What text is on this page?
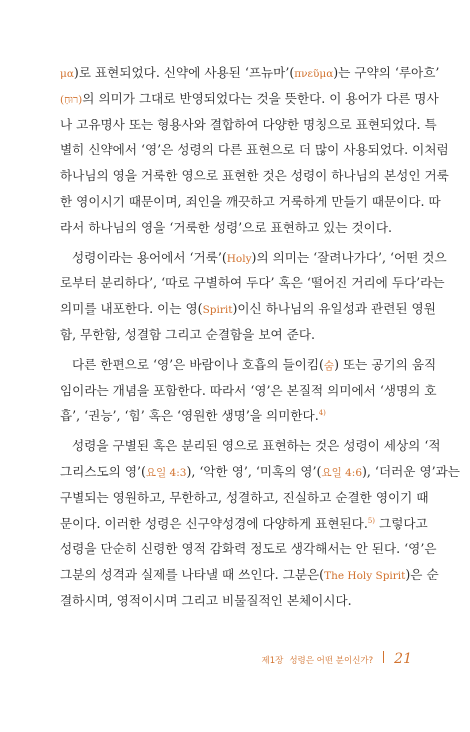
μα)로 표현되었다. 신약에 사용된 ‘프뉴마’(πνεῦμα)는 구약의 ‘루아흐’
(רוּחַ)의 의미가 그대로 반영되었다는 것을 뜻한다. 이 용어가 다른 명사
나 고유명사 또는 형용사와 결합하여 다양한 명칭으로 표현되었다. 특
별히 신약에서 ‘영’은 성령의 다른 표현으로 더 많이 사용되었다. 이처럼
하나님의 영을 거룩한 영으로 표현한 것은 성령이 하나님의 본성인 거룩
한 영이시기 때문이며, 죄인을 깨끗하고 거룩하게 만들기 때문이다. 따
라서 하나님의 영을 ‘거룩한 성령’으로 표현하고 있는 것이다.
성령이라는 용어에서 ‘거룩’(Holy)의 의미는 ‘잘려나가다’, ‘어떤 것으
로부터 분리하다’, ‘따로 구별하여 두다’ 혹은 ‘떨어진 거리에 두다’라는
의미를 내포한다. 이는 영(Spirit)이신 하나님의 유일성과 관련된 영원
함, 무한함, 성결함 그리고 순결함을 보여 준다.
다른 한편으로 ‘영’은 바람이나 호흡의 들이킴(숨) 또는 공기의 움직
임이라는 개념을 포함한다. 따라서 ‘영’은 본질적 의미에서 ‘생명의 호
흡’, ‘권능’, ‘힘’ 혹은 ‘영원한 생명’을 의미한다.$^{4)}$
성령을 구별된 혹은 분리된 영으로 표현하는 것은 성령이 세상의 ‘적
그리스도의 영’(요일 4:3), ‘악한 영’, ‘미혹의 영’(요일 4:6), ‘더러운 영’과는
구별되는 영원하고, 무한하고, 성결하고, 진실하고 순결한 영이기 때
문이다. 이러한 성령은 신구약성경에 다양하게 표현된다.$^{5)}$ 그렇다고
성령을 단순히 신령한 영적 감화력 정도로 생각해서는 안 된다. ‘영’은
그분의 성격과 실제를 나타낼 때 쓰인다. 그분은(The Holy Spirit)은 순
결하시며, 영적이시며 그리고 비물질적인 본체이시다.
제1장 성령은 어떤 분이신가? 21
